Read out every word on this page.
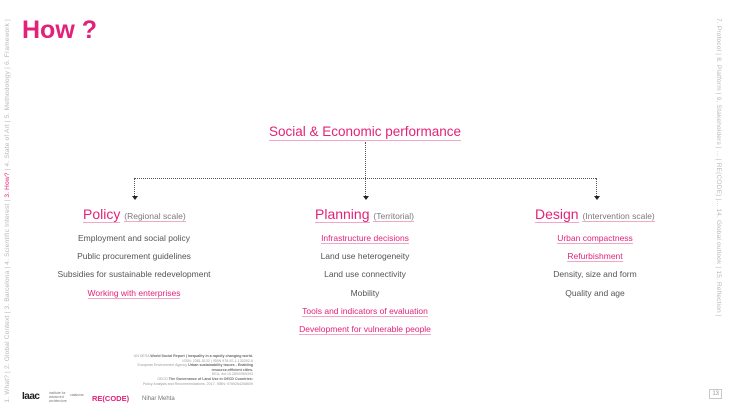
How ?
1. What? | 2. Global Context | 3. Barcelona | 4. Scientific Interest | 3. How? | 4. State of Art | 5. Methodology | 6. Framework |	7. Protocol | 8. Platform | 9. Stakeholders | ... | RE(CODE) |... 14. Global outlook | 15. Reflection |
13
Social & Economic performance
Policy (Regional scale)
Employment and social policy
Public procurement guidelines
Subsidies for sustainable redevelopment
Working with enterprises
Planning (Territorial)
Infrastructure decisions
Land use heterogeneity
Land use connectivity
Mobility
Tools and indicators of evaluation
Development for vulnerable people
Design (Intervention scale)
Urban compactness
Refurbishment
Density, size and form
Quality and age
UN DESA World Social Report | Inequality in a rapidly changing world.
ISSN: 2381-5132 | ISBN 978-92-1-130392-6
European Environment Agency Urban sustainability issues - Enabling resource-efficient cities.
EEA, doi:10.2800/969393
OECD The Governance of Land Use in OECD Countries:
Policy Analysis and Recommendations, 2017. ISBN: 9789264268609
Iaac	institute for advanced architecture
catalonia RE(CODE) Nihar Mehta
